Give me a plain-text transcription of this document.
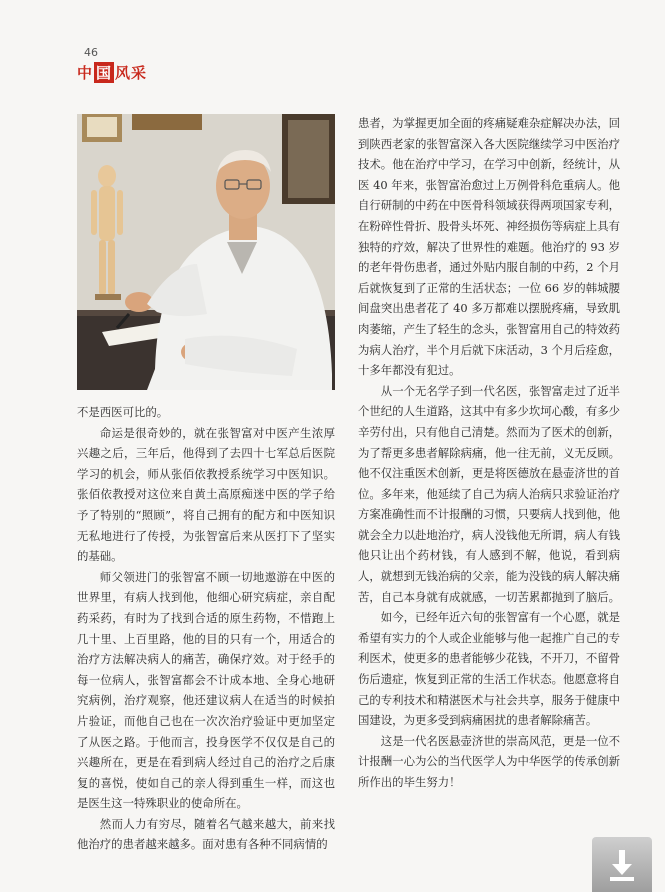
46
中 国 风采

不是西医可比的。

命运是很奇妙的，就在张智富对中医产生浓厚兴趣之后，三年后，他得到了去四十七军总后医院学习的机会，师从张佰依教授系统学习中医知识。张佰依教授对这位来自黄土高原痴迷中医的学子给予了特别的“照顾”，将自己拥有的配方和中医知识无私地进行了传授，为张智富后来从医打下了坚实的基础。

师父领进门的张智富不顾一切地遨游在中医的世界里，有病人找到他，他细心研究病症，亲自配药采药，有时为了找到合适的原生药物，不惜跑上几十里、上百里路，他的目的只有一个，用适合的治疗方法解决病人的痛苦，确保疗效。对于经手的每一位病人，张智富都会不计成本地、全身心地研究病例，治疗观察，他还建议病人在适当的时候拍片验证，而他自己也在一次次治疗验证中更加坚定了从医之路。于他而言，投身医学不仅仅是自己的兴趣所在，更是在看到病人经过自己的治疗之后康复的喜悦，使如自己的亲人得到重生一样，而这也是医生这一特殊职业的使命所在。

然而人力有穷尽，随着名气越来越大，前来找他治疗的患者越来越多。面对患有各种不同病情的

患者，为掌握更加全面的疼痛疑难杂症解决办法，回到陕西老家的张智富深入各大医院继续学习中医治疗技术。他在治疗中学习，在学习中创新，经统计，从医 40 年来，张智富治愈过上万例骨科危重病人。他自行研制的中药在中医骨科领域获得两项国家专利，在粉碎性骨折、股骨头坏死、神经损伤等病症上具有独特的疗效，解决了世界性的难题。他治疗的 93 岁的老年骨伤患者，通过外贴内服自制的中药，2 个月后就恢复到了正常的生活状态；一位 66 岁的韩城腰间盘突出患者花了 40 多万都难以摆脱疼痛，导致肌肉萎缩，产生了轻生的念头，张智富用自己的特效药为病人治疗，半个月后就下床活动，3 个月后痊愈，十多年都没有犯过。

从一个无名学子到一代名医，张智富走过了近半个世纪的人生道路，这其中有多少坎坷心酸，有多少辛劳付出，只有他自己清楚。然而为了医术的创新，为了帮更多患者解除病痛，他一往无前，义无反顾。他不仅注重医术创新，更是将医德放在悬壶济世的首位。多年来，他延续了自己为病人治病只求验证治疗方案准确性而不计报酬的习惯，只要病人找到他，他就会全力以赴地治疗，病人没钱他无所谓，病人有钱他只让出个药材钱，有人感到不解，他说，看到病人，就想到无钱治病的父亲，能为没钱的病人解决痛苦，自己本身就有成就感，一切苦累都抛到了脑后。

如今，已经年近六旬的张智富有一个心愿，就是希望有实力的个人或企业能够与他一起推广自己的专利医术，使更多的患者能够少花钱，不开刀，不留骨伤后遗症，恢复到正常的生活工作状态。他愿意将自己的专利技术和精湛医术与社会共享，服务于健康中国建设，为更多受到病痛困扰的患者解除痛苦。

这是一代名医悬壶济世的崇高风范，更是一位不计报酬一心为公的当代医学人为中华医学的传承创新所作出的毕生努力！
